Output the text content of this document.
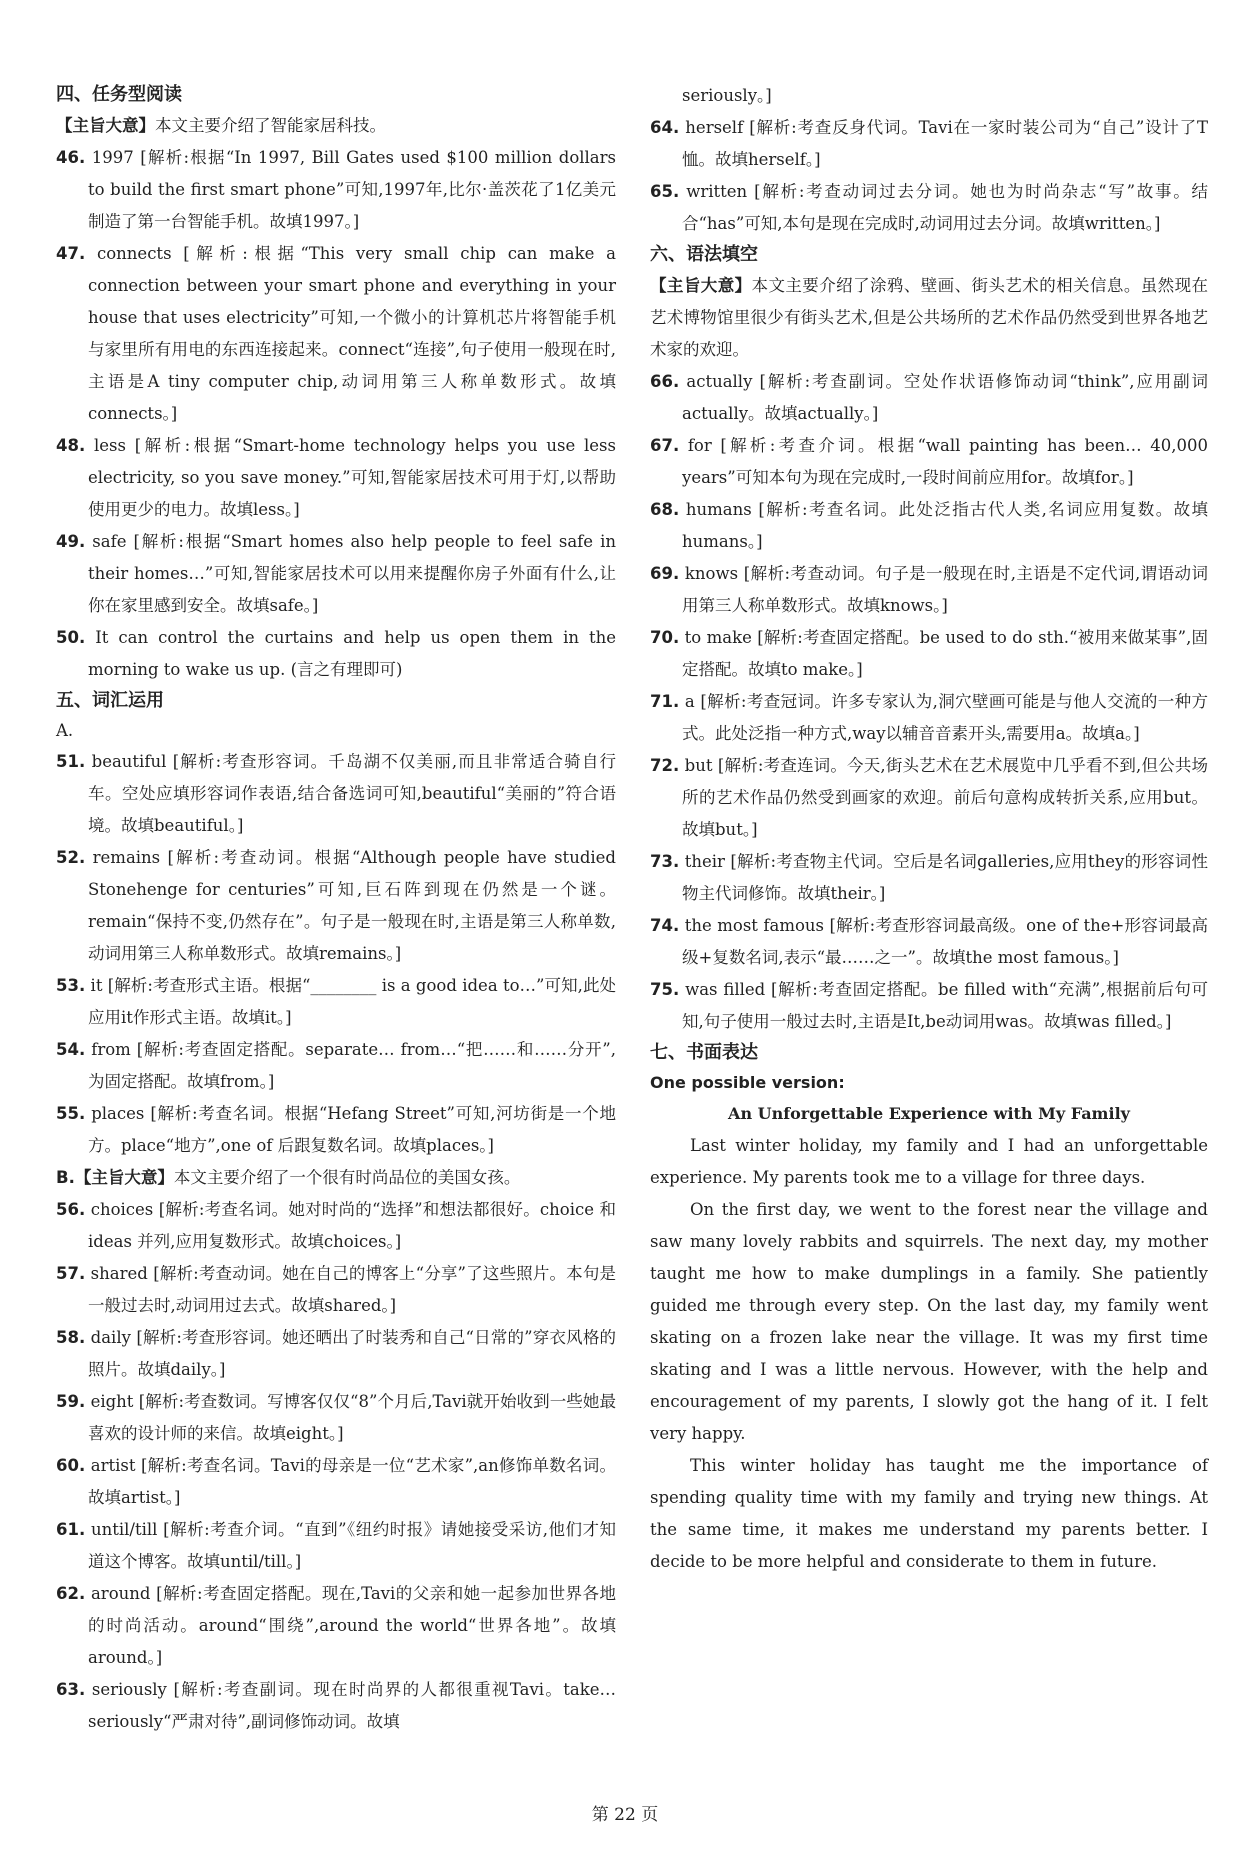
四、任务型阅读

【主旨大意】本文主要介绍了智能家居科技。

46. 1997 [解析:根据“In 1997, Bill Gates used $100 million dollars to build the first smart phone”可知,1997年,比尔·盖茨花了1亿美元制造了第一台智能手机。故填1997。]

47. connects [解析:根据“This very small chip can make a connection between your smart phone and everything in your house that uses electricity”可知,一个微小的计算机芯片将智能手机与家里所有用电的东西连接起来。connect“连接”,句子使用一般现在时,主语是A tiny computer chip,动词用第三人称单数形式。故填connects。]

48. less [解析:根据“Smart-home technology helps you use less electricity, so you save money.”可知,智能家居技术可用于灯,以帮助使用更少的电力。故填less。]

49. safe [解析:根据“Smart homes also help people to feel safe in their homes…”可知,智能家居技术可以用来提醒你房子外面有什么,让你在家里感到安全。故填safe。]

50. It can control the curtains and help us open them in the morning to wake us up. (言之有理即可)

五、词汇运用

A.

51. beautiful [解析:考查形容词。千岛湖不仅美丽,而且非常适合骑自行车。空处应填形容词作表语,结合备选词可知,beautiful“美丽的”符合语境。故填beautiful。]

52. remains [解析:考查动词。根据“Although people have studied Stonehenge for centuries”可知,巨石阵到现在仍然是一个谜。remain“保持不变,仍然存在”。句子是一般现在时,主语是第三人称单数,动词用第三人称单数形式。故填remains。]

53. it [解析:考查形式主语。根据“________ is a good idea to…”可知,此处应用it作形式主语。故填it。]

54. from [解析:考查固定搭配。separate… from…“把……和……分开”,为固定搭配。故填from。]

55. places [解析:考查名词。根据“Hefang Street”可知,河坊街是一个地方。place“地方”,one of 后跟复数名词。故填places。]

B.【主旨大意】本文主要介绍了一个很有时尚品位的美国女孩。

56. choices [解析:考查名词。她对时尚的“选择”和想法都很好。choice 和 ideas 并列,应用复数形式。故填choices。]

57. shared [解析:考查动词。她在自己的博客上“分享”了这些照片。本句是一般过去时,动词用过去式。故填shared。]

58. daily [解析:考查形容词。她还晒出了时装秀和自己“日常的”穿衣风格的照片。故填daily。]

59. eight [解析:考查数词。写博客仅仅“8”个月后,Tavi就开始收到一些她最喜欢的设计师的来信。故填eight。]

60. artist [解析:考查名词。Tavi的母亲是一位“艺术家”,an修饰单数名词。故填artist。]

61. until/till [解析:考查介词。“直到”《纽约时报》请她接受采访,他们才知道这个博客。故填until/till。]

62. around [解析:考查固定搭配。现在,Tavi的父亲和她一起参加世界各地的时尚活动。around“围绕”,around the world“世界各地”。故填around。]

63. seriously [解析:考查副词。现在时尚界的人都很重视Tavi。take… seriously“严肃对待”,副词修饰动词。故填

seriously。]

64. herself [解析:考查反身代词。Tavi在一家时装公司为“自己”设计了T恤。故填herself。]

65. written [解析:考查动词过去分词。她也为时尚杂志“写”故事。结合“has”可知,本句是现在完成时,动词用过去分词。故填written。]

六、语法填空

【主旨大意】本文主要介绍了涂鸦、壁画、街头艺术的相关信息。虽然现在艺术博物馆里很少有街头艺术,但是公共场所的艺术作品仍然受到世界各地艺术家的欢迎。

66. actually [解析:考查副词。空处作状语修饰动词“think”,应用副词actually。故填actually。]

67. for [解析:考查介词。根据“wall painting has been… 40,000 years”可知本句为现在完成时,一段时间前应用for。故填for。]

68. humans [解析:考查名词。此处泛指古代人类,名词应用复数。故填humans。]

69. knows [解析:考查动词。句子是一般现在时,主语是不定代词,谓语动词用第三人称单数形式。故填knows。]

70. to make [解析:考查固定搭配。be used to do sth.“被用来做某事”,固定搭配。故填to make。]

71. a [解析:考查冠词。许多专家认为,洞穴壁画可能是与他人交流的一种方式。此处泛指一种方式,way以辅音音素开头,需要用a。故填a。]

72. but [解析:考查连词。今天,街头艺术在艺术展览中几乎看不到,但公共场所的艺术作品仍然受到画家的欢迎。前后句意构成转折关系,应用but。故填but。]

73. their [解析:考查物主代词。空后是名词galleries,应用they的形容词性物主代词修饰。故填their。]

74. the most famous [解析:考查形容词最高级。one of the+形容词最高级+复数名词,表示“最……之一”。故填the most famous。]

75. was filled [解析:考查固定搭配。be filled with“充满”,根据前后句可知,句子使用一般过去时,主语是It,be动词用was。故填was filled。]

七、书面表达

One possible version:

An Unforgettable Experience with My Family

Last winter holiday, my family and I had an unforgettable experience. My parents took me to a village for three days.

On the first day, we went to the forest near the village and saw many lovely rabbits and squirrels. The next day, my mother taught me how to make dumplings in a family. She patiently guided me through every step. On the last day, my family went skating on a frozen lake near the village. It was my first time skating and I was a little nervous. However, with the help and encouragement of my parents, I slowly got the hang of it. I felt very happy.

This winter holiday has taught me the importance of spending quality time with my family and trying new things. At the same time, it makes me understand my parents better. I decide to be more helpful and considerate to them in future.

第 22 页
